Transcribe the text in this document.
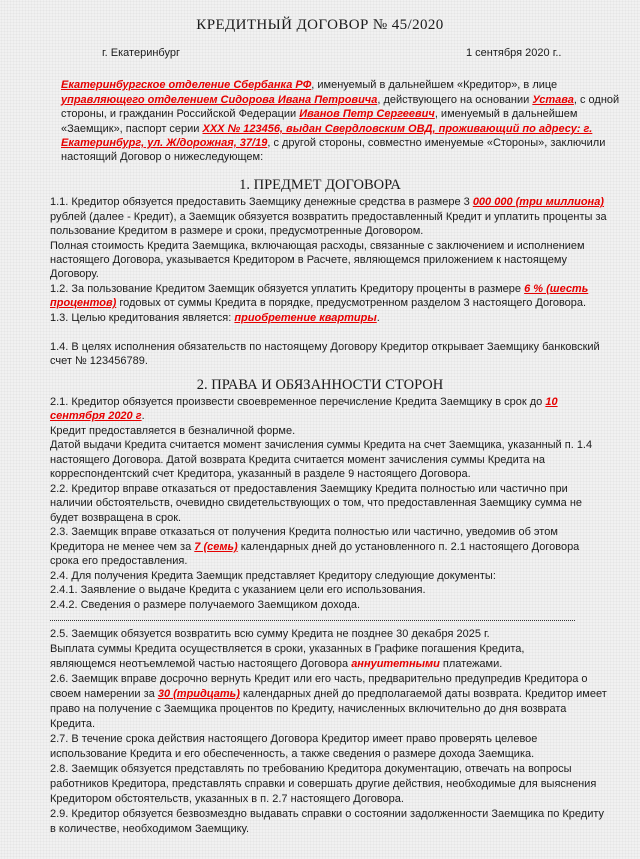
КРЕДИТНЫЙ ДОГОВОР № 45/2020
г. Екатеринбург	1 сентября 2020 г..
Екатеринбургское отделение Сбербанка РФ, именуемый в дальнейшем «Кредитор», в лице
управляющего отделением Сидорова Ивана Петровича, действующего на основании Устава, с одной
стороны, и гражданин Российской Федерации Иванов Петр Сергеевич, именуемый в дальнейшем
«Заемщик», паспорт серии ХХХ № 123456, выдан Свердловским ОВД, проживающий по адресу: г.
Екатеринбург, ул. Ж/дорожная, 37/19, с другой стороны, совместно именуемые «Стороны», заключили
настоящий Договор о нижеследующем:
1. ПРЕДМЕТ ДОГОВОРА
1.1. Кредитор обязуется предоставить Заемщику денежные средства в размере 3 000 000 (три миллиона)
рублей (далее - Кредит), а Заемщик обязуется возвратить предоставленный Кредит и уплатить проценты за
пользование Кредитом в размере и сроки, предусмотренные Договором.
Полная стоимость Кредита Заемщика, включающая расходы, связанные с заключением и исполнением
настоящего Договора, указывается Кредитором в Расчете, являющемся приложением к настоящему
Договору.
1.2. За пользование Кредитом Заемщик обязуется уплатить Кредитору проценты в размере 6 % (шесть
процентов) годовых от суммы Кредита в порядке, предусмотренном разделом 3 настоящего Договора.
1.3. Целью кредитования является: приобретение квартиры.
1.4. В целях исполнения обязательств по настоящему Договору Кредитор открывает Заемщику банковский
счет № 123456789.
2. ПРАВА И ОБЯЗАННОСТИ СТОРОН
2.1. Кредитор обязуется произвести своевременное перечисление Кредита Заемщику в срок до 10
сентября 2020 г.
Кредит предоставляется в безналичной форме.
Датой выдачи Кредита считается момент зачисления суммы Кредита на счет Заемщика, указанный п. 1.4
настоящего Договора. Датой возврата Кредита считается момент зачисления суммы Кредита на
корреспондентский счет Кредитора, указанный в разделе 9 настоящего Договора.
2.2. Кредитор вправе отказаться от предоставления Заемщику Кредита полностью или частично при
наличии обстоятельств, очевидно свидетельствующих о том, что предоставленная Заемщику сумма не
будет возвращена в срок.
2.3. Заемщик вправе отказаться от получения Кредита полностью или частично, уведомив об этом
Кредитора не менее чем за 7 (семь) календарных дней до установленного п. 2.1 настоящего Договора
срока его предоставления.
2.4. Для получения Кредита Заемщик представляет Кредитору следующие документы:
2.4.1. Заявление о выдаче Кредита с указанием цели его использования.
2.4.2. Сведения о размере получаемого Заемщиком дохода.
2.5. Заемщик обязуется возвратить всю сумму Кредита не позднее 30 декабря 2025 г.
Выплата суммы Кредита осуществляется в сроки, указанных в Графике погашения Кредита,
являющемся неотъемлемой частью настоящего Договора аннуитетными платежами.
2.6. Заемщик вправе досрочно вернуть Кредит или его часть, предварительно предупредив Кредитора о
своем намерении за 30 (тридцать) календарных дней до предполагаемой даты возврата. Кредитор имеет
право на получение с Заемщика процентов по Кредиту, начисленных включительно до дня возврата
Кредита.
2.7. В течение срока действия настоящего Договора Кредитор имеет право проверять целевое
использование Кредита и его обеспеченность, а также сведения о размере дохода Заемщика.
2.8. Заемщик обязуется представлять по требованию Кредитора документацию, отвечать на вопросы
работников Кредитора, представлять справки и совершать другие действия, необходимые для выяснения
Кредитором обстоятельств, указанных в п. 2.7 настоящего Договора.
2.9. Кредитор обязуется безвозмездно выдавать справки о состоянии задолженности Заемщика по Кредиту
в количестве, необходимом Заемщику.
